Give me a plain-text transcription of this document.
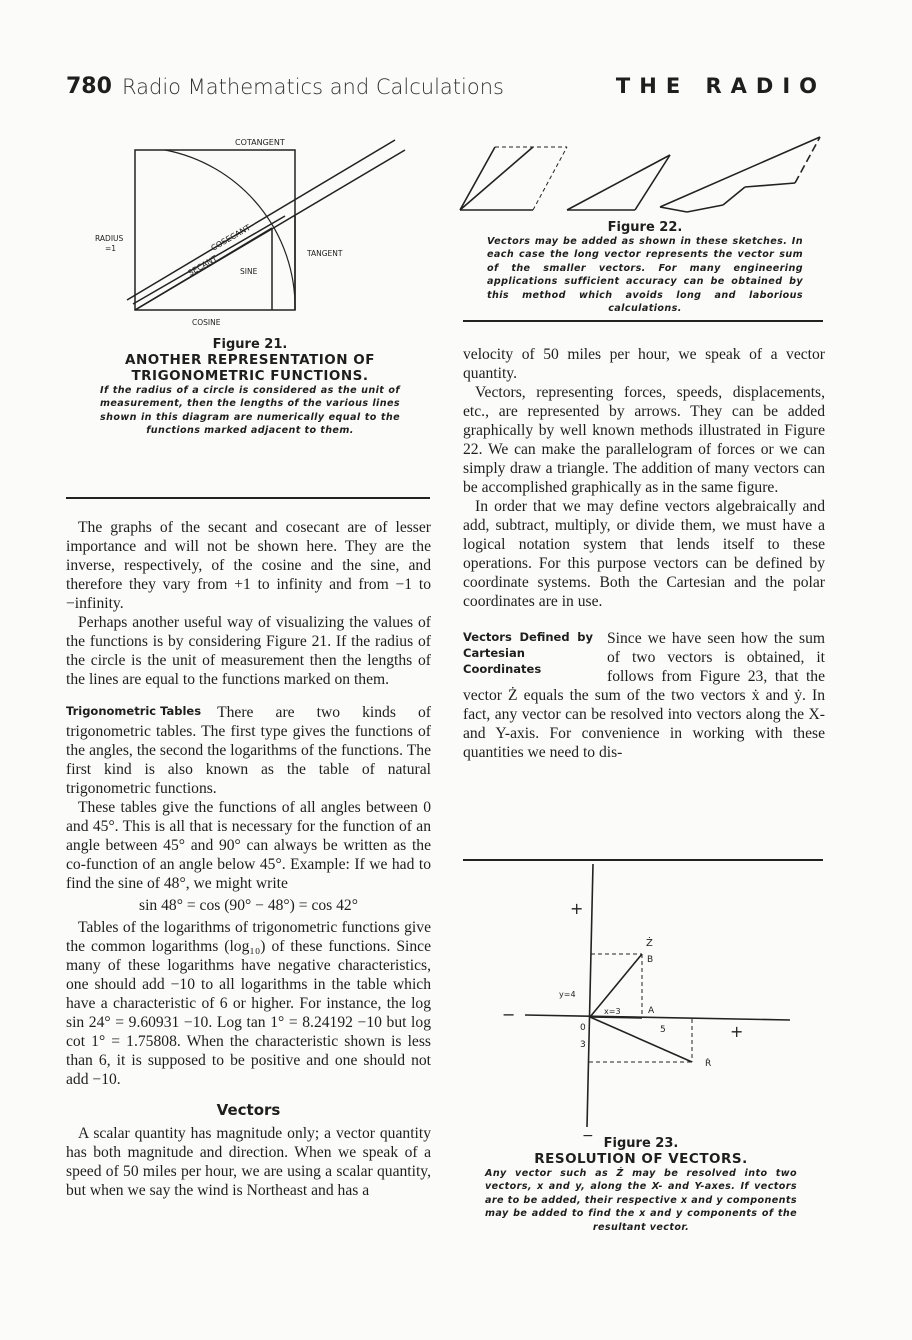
780 Radio Mathematics and Calculations	THE RADIO
COTANGENT
RADIUS
=1	COSECANT
SECANT	SINE
TANGENT
COSINE
Figure 21.
ANOTHER REPRESENTATION OF
TRIGONOMETRIC FUNCTIONS.
If the radius of a circle is considered as the unit of measurement, then the lengths of the various lines shown in this diagram are numerically equal to the functions marked adjacent to them.

The graphs of the secant and cosecant are of lesser importance and will not be shown here. They are the inverse, respectively, of the cosine and the sine, and therefore they vary from +1 to infinity and from −1 to −infinity.

Perhaps another useful way of visualizing the values of the functions is by considering Figure 21. If the radius of the circle is the unit of measurement then the lengths of the lines are equal to the functions marked on them.

Trigonometric Tables There are two kinds of trigonometric tables. The first type gives the functions of the angles, the second the logarithms of the functions. The first kind is also known as the table of natural trigonometric functions.

These tables give the functions of all angles between 0 and 45°. This is all that is necessary for the function of an angle between 45° and 90° can always be written as the co-function of an angle below 45°. Example: If we had to find the sine of 48°, we might write

sin 48° = cos (90° − 48°) = cos 42°

Tables of the logarithms of trigonometric functions give the common logarithms (log₁₀) of these functions. Since many of these logarithms have negative characteristics, one should add −10 to all logarithms in the table which have a characteristic of 6 or higher. For instance, the log sin 24° = 9.60931 −10. Log tan 1° = 8.24192 −10 but log cot 1° = 1.75808. When the characteristic shown is less than 6, it is supposed to be positive and one should not add −10.

Vectors

A scalar quantity has magnitude only; a vector quantity has both magnitude and direction. When we speak of a speed of 50 miles per hour, we are using a scalar quantity, but when we say the wind is Northeast and has a

Figure 22.
Vectors may be added as shown in these sketches. In each case the long vector represents the vector sum of the smaller vectors. For many engineering applications sufficient accuracy can be obtained by this method which avoids long and laborious calculations.

velocity of 50 miles per hour, we speak of a vector quantity.

Vectors, representing forces, speeds, displacements, etc., are represented by arrows. They can be added graphically by well known methods illustrated in Figure 22. We can make the parallelogram of forces or we can simply draw a triangle. The addition of many vectors can be accomplished graphically as in the same figure.

In order that we may define vectors algebraically and add, subtract, multiply, or divide them, we must have a logical notation system that lends itself to these operations. For this purpose vectors can be defined by coordinate systems. Both the Cartesian and the polar coordinates are in use.

Vectors Defined by Cartesian Coordinates
Since we have seen how the sum of two vectors is obtained, it follows from Figure 23, that the vector Ż equals the sum of the two vectors ẋ and ẏ. In fact, any vector can be resolved into vectors along the X- and Y-axis. For convenience in working with these quantities we need to dis-

+
−
−
+
Ż
B
y=4
x=3	A
0	5
3
Ṙ
Figure 23.
RESOLUTION OF VECTORS.
Any vector such as Ż may be resolved into two vectors, x and y, along the X- and Y-axes. If vectors are to be added, their respective x and y components may be added to find the x and y components of the resultant vector.
